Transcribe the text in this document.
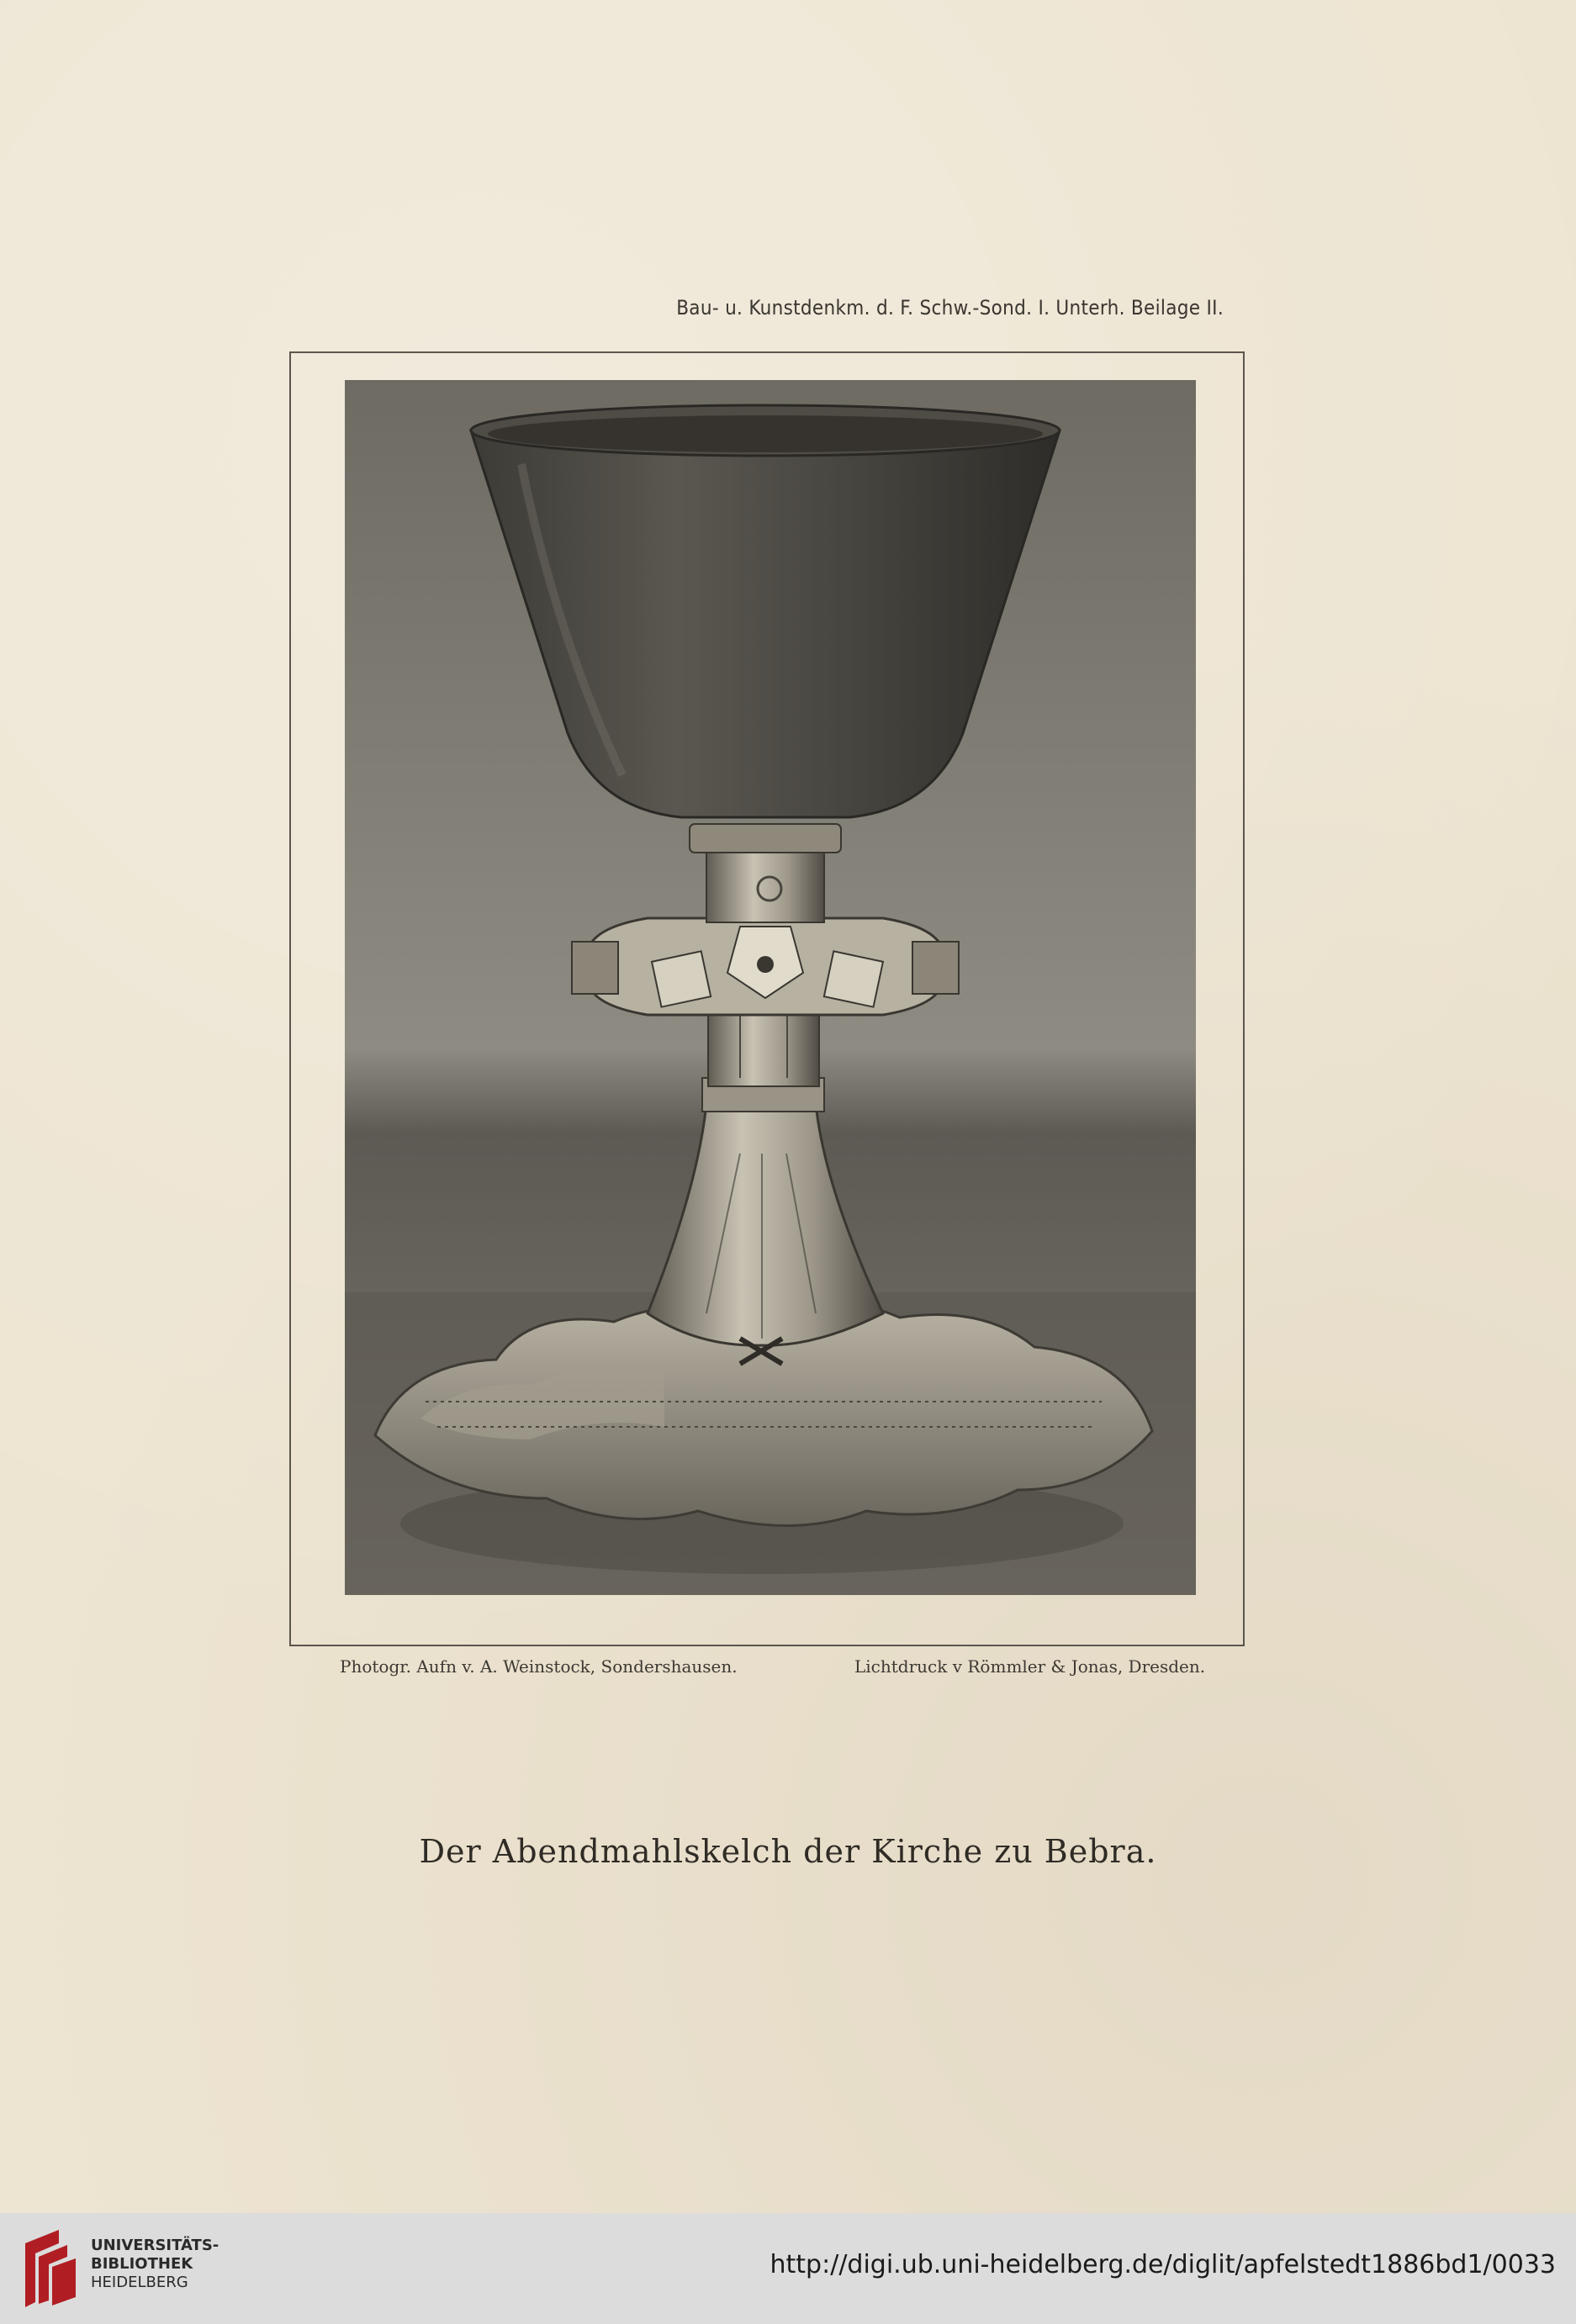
Bau- u. Kunstdenkm. d. F. Schw.-Sond. I. Unterh. Beilage II.
Photogr. Aufn v. A. Weinstock, Sondershausen.	Lichtdruck v Römmler & Jonas, Dresden.
Der Abendmahlskelch der Kirche zu Bebra.
UNIVERSITÄTS-
BIBLIOTHEK
HEIDELBERG
http://digi.ub.uni-heidelberg.de/diglit/apfelstedt1886bd1/0033
